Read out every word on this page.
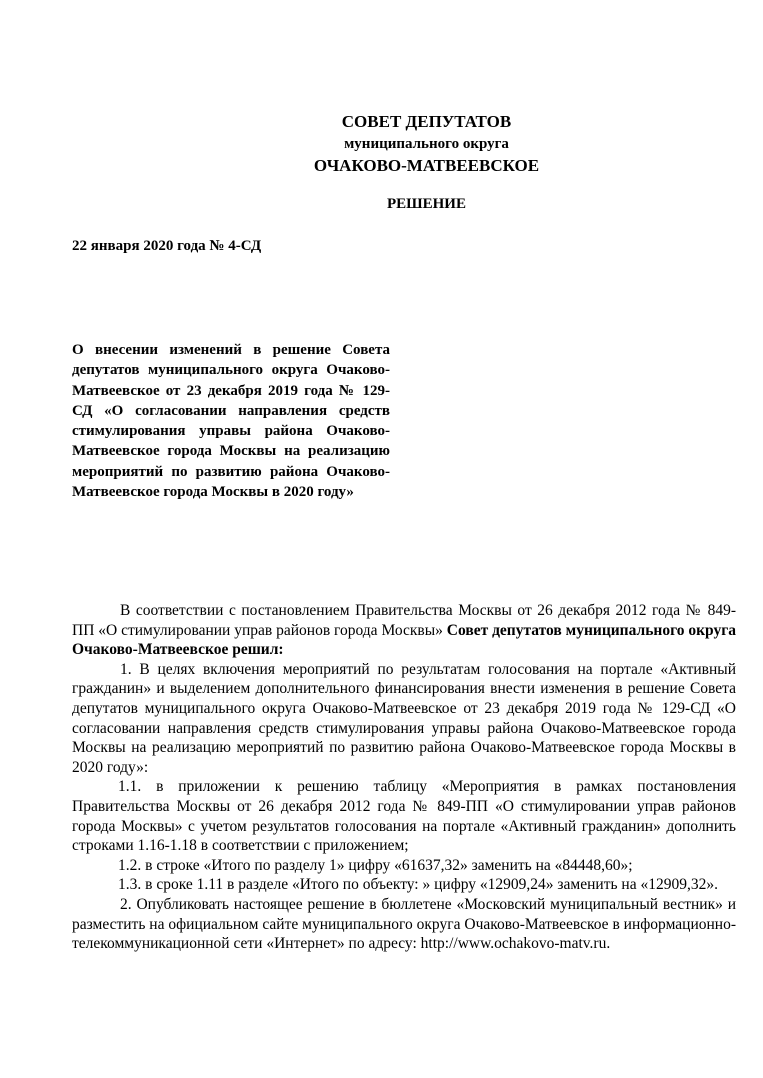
СОВЕТ ДЕПУТАТОВ
муниципального округа
ОЧАКОВО-МАТВЕЕВСКОЕ
РЕШЕНИЕ
22 января 2020 года № 4-СД
О внесении изменений в решение Совета депутатов муниципального округа Очаково-Матвеевское от 23 декабря 2019 года № 129-СД «О согласовании направления средств стимулирования управы района Очаково-Матвеевское города Москвы на реализацию мероприятий по развитию района Очаково-Матвеевское города Москвы в 2020 году»

В соответствии с постановлением Правительства Москвы от 26 декабря 2012 года № 849-ПП «О стимулировании управ районов города Москвы» Совет депутатов муниципального округа Очаково-Матвеевское решил:

1. В целях включения мероприятий по результатам голосования на портале «Активный гражданин» и выделением дополнительного финансирования внести изменения в решение Совета депутатов муниципального округа Очаково-Матвеевское от 23 декабря 2019 года № 129-СД «О согласовании направления средств стимулирования управы района Очаково-Матвеевское города Москвы на реализацию мероприятий по развитию района Очаково-Матвеевское города Москвы в 2020 году»:

1.1. в приложении к решению таблицу «Мероприятия в рамках постановления Правительства Москвы от 26 декабря 2012 года № 849-ПП «О стимулировании управ районов города Москвы» с учетом результатов голосования на портале «Активный гражданин» дополнить строками 1.16-1.18 в соответствии с приложением;

1.2. в строке «Итого по разделу 1» цифру «61637,32» заменить на «84448,60»;

1.3. в сроке 1.11 в разделе «Итого по объекту: » цифру «12909,24» заменить на «12909,32».

2. Опубликовать настоящее решение в бюллетене «Московский муниципальный вестник» и разместить на официальном сайте муниципального округа Очаково-Матвеевское в информационно-телекоммуникационной сети «Интернет» по адресу: http://www.ochakovo-matv.ru.
